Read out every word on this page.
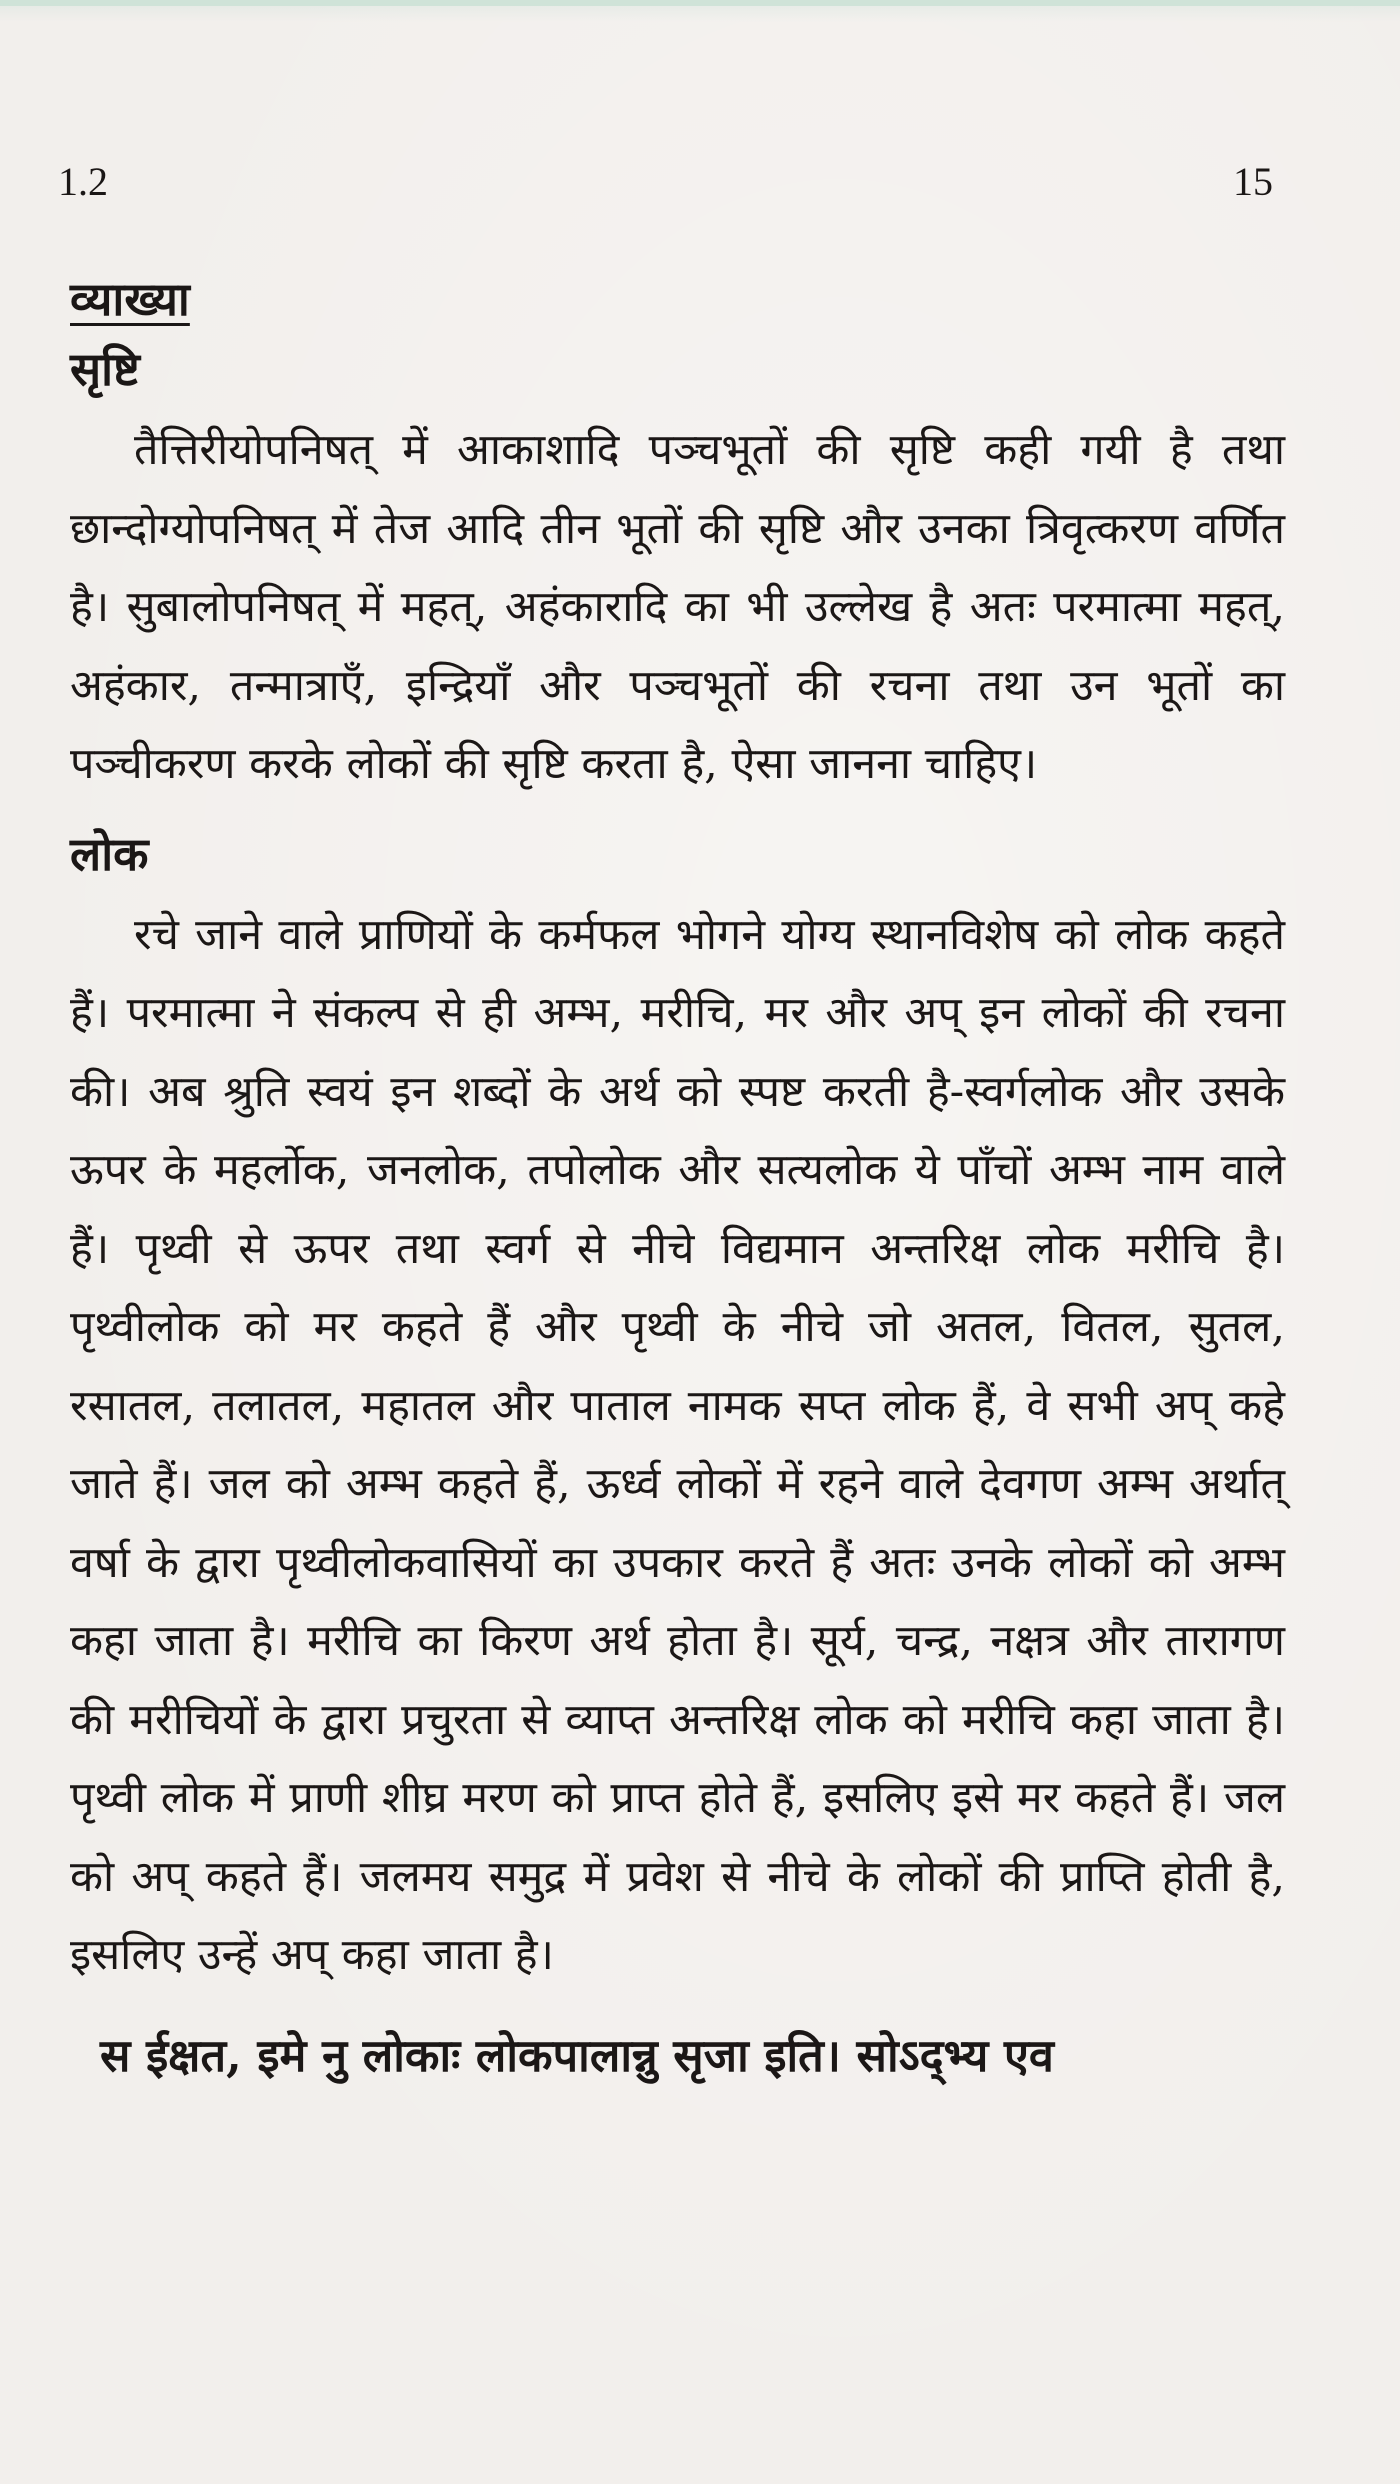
1.2	15
व्याख्या
सृष्टि

तैत्तिरीयोपनिषत् में आकाशादि पञ्चभूतों की सृष्टि कही गयी है तथा छान्दोग्योपनिषत् में तेज आदि तीन भूतों की सृष्टि और उनका त्रिवृत्करण वर्णित है। सुबालोपनिषत् में महत्, अहंकारादि का भी उल्लेख है अतः परमात्मा महत्, अहंकार, तन्मात्राएँ, इन्द्रियाँ और पञ्चभूतों की रचना तथा उन भूतों का पञ्चीकरण करके लोकों की सृष्टि करता है, ऐसा जानना चाहिए।

लोक

रचे जाने वाले प्राणियों के कर्मफल भोगने योग्य स्थानविशेष को लोक कहते हैं। परमात्मा ने संकल्प से ही अम्भ, मरीचि, मर और अप् इन लोकों की रचना की। अब श्रुति स्वयं इन शब्दों के अर्थ को स्पष्ट करती है-स्वर्गलोक और उसके ऊपर के महर्लोक, जनलोक, तपोलोक और सत्यलोक ये पाँचों अम्भ नाम वाले हैं। पृथ्वी से ऊपर तथा स्वर्ग से नीचे विद्यमान अन्तरिक्ष लोक मरीचि है। पृथ्वीलोक को मर कहते हैं और पृथ्वी के नीचे जो अतल, वितल, सुतल, रसातल, तलातल, महातल और पाताल नामक सप्त लोक हैं, वे सभी अप् कहे जाते हैं। जल को अम्भ कहते हैं, ऊर्ध्व लोकों में रहने वाले देवगण अम्भ अर्थात् वर्षा के द्वारा पृथ्वीलोकवासियों का उपकार करते हैं अतः उनके लोकों को अम्भ कहा जाता है। मरीचि का किरण अर्थ होता है। सूर्य, चन्द्र, नक्षत्र और तारागण की मरीचियों के द्वारा प्रचुरता से व्याप्त अन्तरिक्ष लोक को मरीचि कहा जाता है। पृथ्वी लोक में प्राणी शीघ्र मरण को प्राप्त होते हैं, इसलिए इसे मर कहते हैं। जल को अप् कहते हैं। जलमय समुद्र में प्रवेश से नीचे के लोकों की प्राप्ति होती है, इसलिए उन्हें अप् कहा जाता है।

स ईक्षत, इमे नु लोकाः लोकपालान्नु सृजा इति। सोऽद्भ्य एव
